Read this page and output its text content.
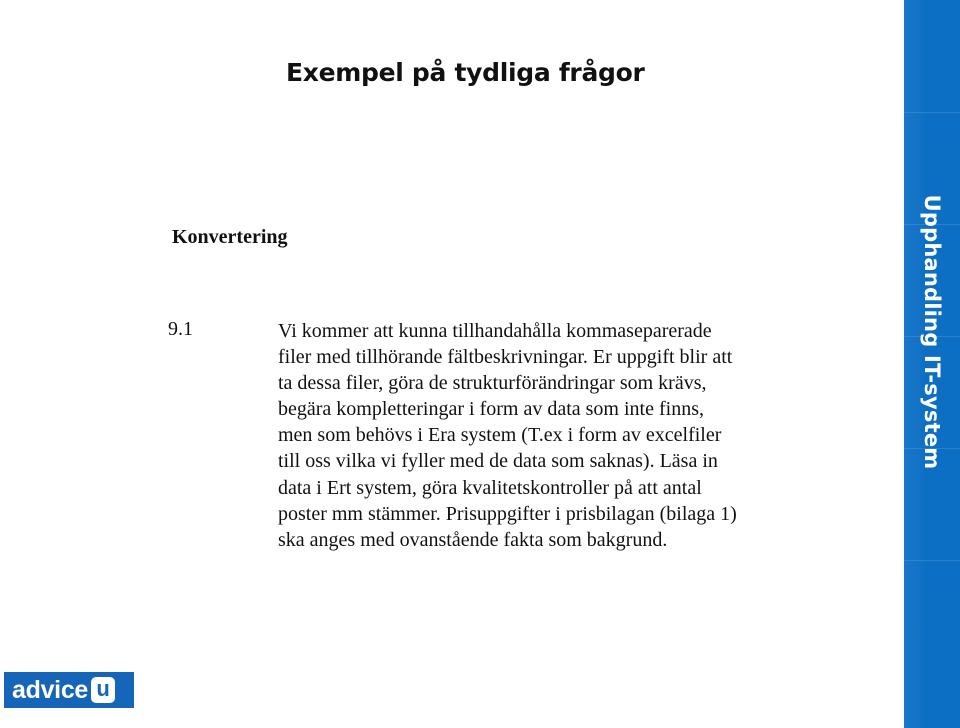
Exempel på tydliga frågor
Konvertering
9.1	Vi kommer att kunna tillhandahålla kommaseparerade
filer med tillhörande fältbeskrivningar. Er uppgift blir att
ta dessa filer, göra de strukturförändringar som krävs,
begära kompletteringar i form av data som inte finns,
men som behövs i Era system (T.ex i form av excelfiler
till oss vilka vi fyller med de data som saknas). Läsa in
data i Ert system, göra kvalitetskontroller på att antal
poster mm stämmer. Prisuppgifter i prisbilagan (bilaga 1)
ska anges med ovanstående fakta som bakgrund.
Upphandling IT-system
advice u
